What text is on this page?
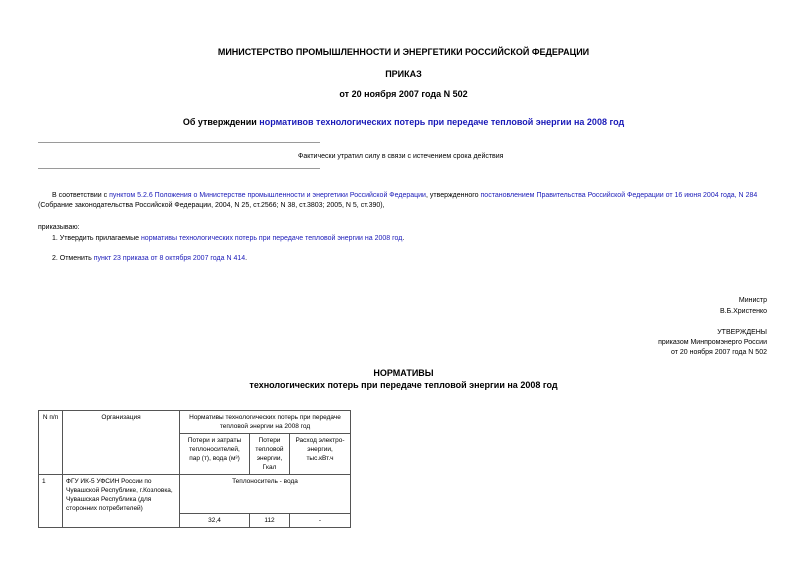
МИНИСТЕРСТВО ПРОМЫШЛЕННОСТИ И ЭНЕРГЕТИКИ РОССИЙСКОЙ ФЕДЕРАЦИИ
ПРИКАЗ
от 20 ноября 2007 года N 502
Об утверждении нормативов технологических потерь при передаче тепловой энергии на 2008 год
Фактически утратил силу в связи с истечением срока действия
В соответствии с пунктом 5.2.6 Положения о Министерстве промышленности и энергетики Российской Федерации, утвержденного постановлением Правительства Российской Федерации от 16 июня 2004 года, N 284 (Собрание законодательства Российской Федерации, 2004, N 25, ст.2566; N 38, ст.3803; 2005, N 5, ст.390),
приказываю:
1. Утвердить прилагаемые нормативы технологических потерь при передаче тепловой энергии на 2008 год.
2. Отменить пункт 23 приказа от 8 октября 2007 года N 414.
Министр
В.Б.Христенко
УТВЕРЖДЕНЫ
приказом Минпромэнерго России
от 20 ноября 2007 года N 502
НОРМАТИВЫ
технологических потерь при передаче тепловой энергии на 2008 год
N п/п	Организация	Нормативы технологических потерь при передаче тепловой энергии на 2008 год		
		Потери и затраты теплоносителей, пар (т), вода (м³)	Потери тепловой энергии, Гкал	Расход электро-энергии, тыс.кВт.ч
1	ФГУ ИК-5 УФСИН России по Чувашской Республике, г.Козловка, Чувашская Республика (для сторонних потребителей)	Теплоноситель - вода		
		32,4	112	-
